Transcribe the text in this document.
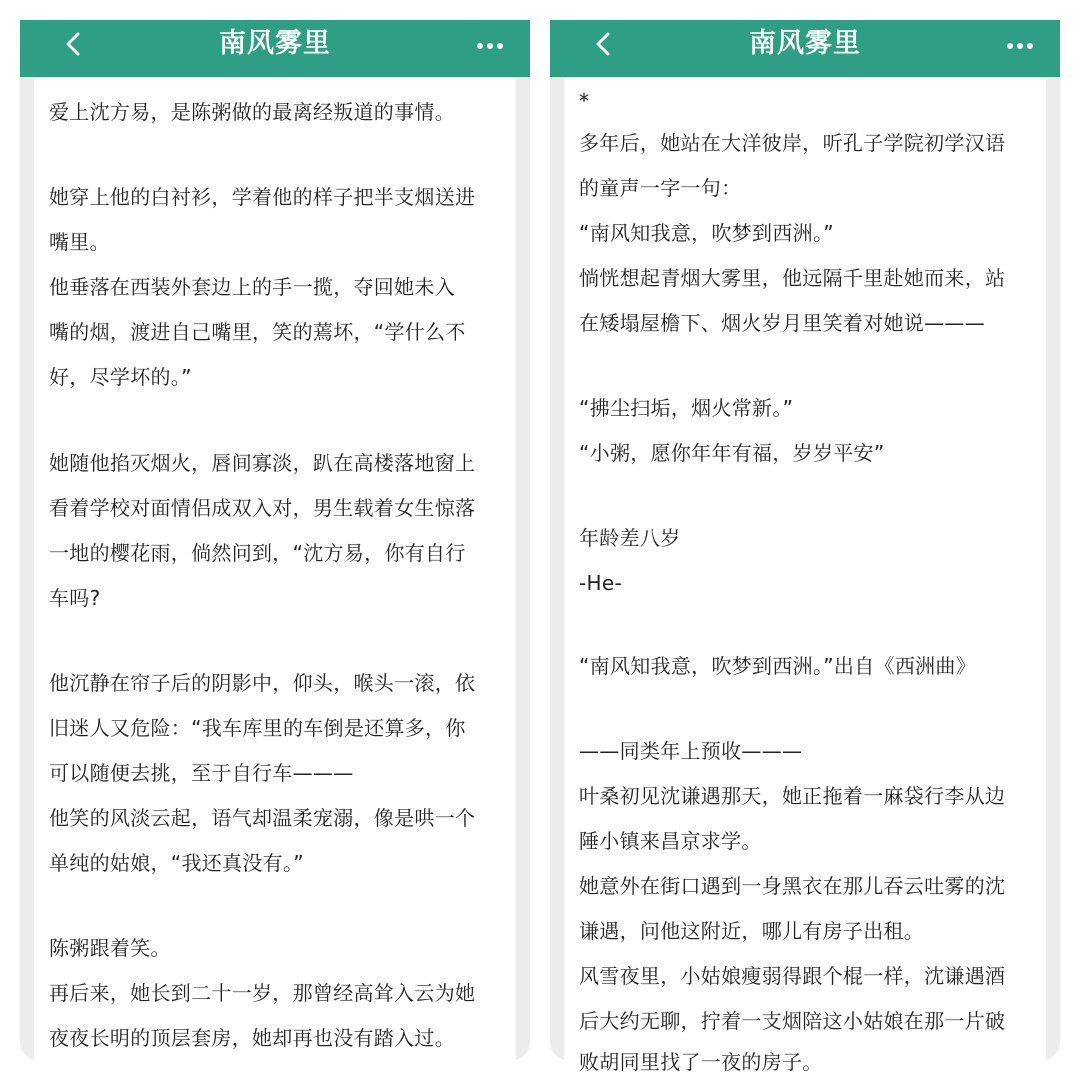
南风雾里
爱上沈方易，是陈粥做的最离经叛道的事情。
她穿上他的白衬衫，学着他的样子把半支烟送进
嘴里。
他垂落在西装外套边上的手一揽，夺回她未入
嘴的烟，渡进自己嘴里，笑的蔫坏，“学什么不
好，尽学坏的。”
她随他掐灭烟火，唇间寡淡，趴在高楼落地窗上
看着学校对面情侣成双入对，男生载着女生惊落
一地的樱花雨，倘然问到，“沈方易，你有自行
车吗?
他沉静在帘子后的阴影中，仰头，喉头一滚，依
旧迷人又危险：“我车库里的车倒是还算多，你
可以随便去挑，至于自行车———
他笑的风淡云起，语气却温柔宠溺，像是哄一个
单纯的姑娘，“我还真没有。”
陈粥跟着笑。
再后来，她长到二十一岁，那曾经高耸入云为她
夜夜长明的顶层套房，她却再也没有踏入过。
南风雾里
*
多年后，她站在大洋彼岸，听孔子学院初学汉语
的童声一字一句：
“南风知我意，吹梦到西洲。”
惝恍想起青烟大雾里，他远隔千里赴她而来，站
在矮塌屋檐下、烟火岁月里笑着对她说———
“拂尘扫垢，烟火常新。”
“小粥，愿你年年有福，岁岁平安”
年龄差八岁
-He-
“南风知我意，吹梦到西洲。”出自《西洲曲》
——同类年上预收———
叶桑初见沈谦遇那天，她正拖着一麻袋行李从边
陲小镇来昌京求学。
她意外在街口遇到一身黑衣在那儿吞云吐雾的沈
谦遇，问他这附近，哪儿有房子出租。
风雪夜里，小姑娘瘦弱得跟个棍一样，沈谦遇酒
后大约无聊，拧着一支烟陪这小姑娘在那一片破
败胡同里找了一夜的房子。
